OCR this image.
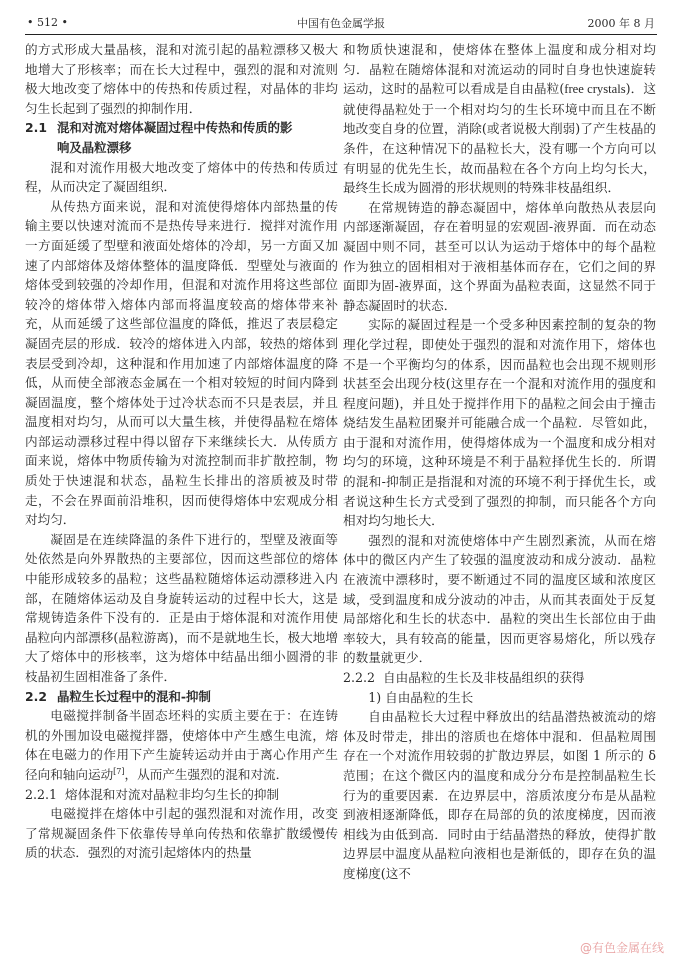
• 512 •	中国有色金属学报	2000 年 8 月

的方式形成大量晶核，混和对流引起的晶粒漂移又极大地增大了形核率；而在长大过程中，强烈的混和对流则极大地改变了熔体中的传热和传质过程，对晶体的非均匀生长起到了强烈的抑制作用．

2.1 混和对流对熔体凝固过程中传热和传质的影
响及晶粒漂移

混和对流作用极大地改变了熔体中的传热和传质过程，从而决定了凝固组织．

从传热方面来说，混和对流使得熔体内部热量的传输主要以快速对流而不是热传导来进行．搅拌对流作用一方面延缓了型壁和液面处熔体的冷却，另一方面又加速了内部熔体及熔体整体的温度降低．型壁处与液面的熔体受到较强的冷却作用，但混和对流作用将这些部位较冷的熔体带入熔体内部而将温度较高的熔体带来补充，从而延缓了这些部位温度的降低，推迟了表层稳定凝固壳层的形成．较冷的熔体进入内部，较热的熔体到表层受到冷却，这种混和作用加速了内部熔体温度的降低，从而使全部液态金属在一个相对较短的时间内降到凝固温度，整个熔体处于过冷状态而不只是表层，并且温度相对均匀，从而可以大量生核，并使得晶粒在熔体内部运动漂移过程中得以留存下来继续长大．从传质方面来说，熔体中物质传输为对流控制而非扩散控制，物质处于快速混和状态，晶粒生长排出的溶质被及时带走，不会在界面前沿堆积，因而使得熔体中宏观成分相对均匀．

凝固是在连续降温的条件下进行的，型壁及液面等处依然是向外界散热的主要部位，因而这些部位的熔体中能形成较多的晶粒；这些晶粒随熔体运动漂移进入内部，在随熔体运动及自身旋转运动的过程中长大，这是常规铸造条件下没有的．正是由于熔体混和对流作用使晶粒向内部漂移(晶粒游离)，而不是就地生长，极大地增大了熔体中的形核率，这为熔体中结晶出细小圆滑的非枝晶初生固相准备了条件．

2.2 晶粒生长过程中的混和-抑制

电磁搅拌制备半固态坯料的实质主要在于：在连铸机的外围加设电磁搅拌器，使熔体中产生感生电流，熔体在电磁力的作用下产生旋转运动并由于离心作用产生径向和轴向运动[7]，从而产生强烈的混和对流．

2.2.1 熔体混和对流对晶粒非均匀生长的抑制

电磁搅拌在熔体中引起的强烈混和对流作用，改变了常规凝固条件下依靠传导单向传热和依靠扩散缓慢传质的状态．强烈的对流引起熔体内的热量

和物质快速混和，使熔体在整体上温度和成分相对均匀．晶粒在随熔体混和对流运动的同时自身也快速旋转运动，这时的晶粒可以看成是自由晶粒(free crystals)．这就使得晶粒处于一个相对均匀的生长环境中而且在不断地改变自身的位置，消除(或者说极大削弱)了产生枝晶的条件，在这种情况下的晶粒长大，没有哪一个方向可以有明显的优先生长，故而晶粒在各个方向上均匀长大，最终生长成为圆滑的形状规则的特殊非枝晶组织．

在常规铸造的静态凝固中，熔体单向散热从表层向内部逐渐凝固，存在着明显的宏观固-液界面．而在动态凝固中则不同，甚至可以认为运动于熔体中的每个晶粒作为独立的固相相对于液相基体而存在，它们之间的界面即为固-液界面，这个界面为晶粒表面，这显然不同于静态凝固时的状态．

实际的凝固过程是一个受多种因素控制的复杂的物理化学过程，即使处于强烈的混和对流作用下，熔体也不是一个平衡均匀的体系，因而晶粒也会出现不规则形状甚至会出现分枝(这里存在一个混和对流作用的强度和程度问题)，并且处于搅拌作用下的晶粒之间会由于撞击烧结发生晶粒团聚并可能融合成一个晶粒．尽管如此，由于混和对流作用，使得熔体成为一个温度和成分相对均匀的环境，这种环境是不利于晶粒择优生长的．所谓的混和-抑制正是指混和对流的环境不利于择优生长，或者说这种生长方式受到了强烈的抑制，而只能各个方向相对均匀地长大．

强烈的混和对流使熔体中产生剧烈紊流，从而在熔体中的微区内产生了较强的温度波动和成分波动．晶粒在液流中漂移时，要不断通过不同的温度区域和浓度区域，受到温度和成分波动的冲击，从而其表面处于反复局部熔化和生长的状态中．晶粒的突出生长部位由于曲率较大，具有较高的能量，因而更容易熔化，所以残存的数量就更少．

2.2.2 自由晶粒的生长及非枝晶组织的获得
1) 自由晶粒的生长

自由晶粒长大过程中释放出的结晶潜热被流动的熔体及时带走，排出的溶质也在熔体中混和．但晶粒周围存在一个对流作用较弱的扩散边界层，如图 1 所示的 δ 范围；在这个微区内的温度和成分分布是控制晶粒生长行为的重要因素．在边界层中，溶质浓度分布是从晶粒到液相逐渐降低，即存在局部的负的浓度梯度，因而液相线为由低到高．同时由于结晶潜热的释放，使得扩散边界层中温度从晶粒向液相也是渐低的，即存在负的温度梯度(这不

@有色金属在线
